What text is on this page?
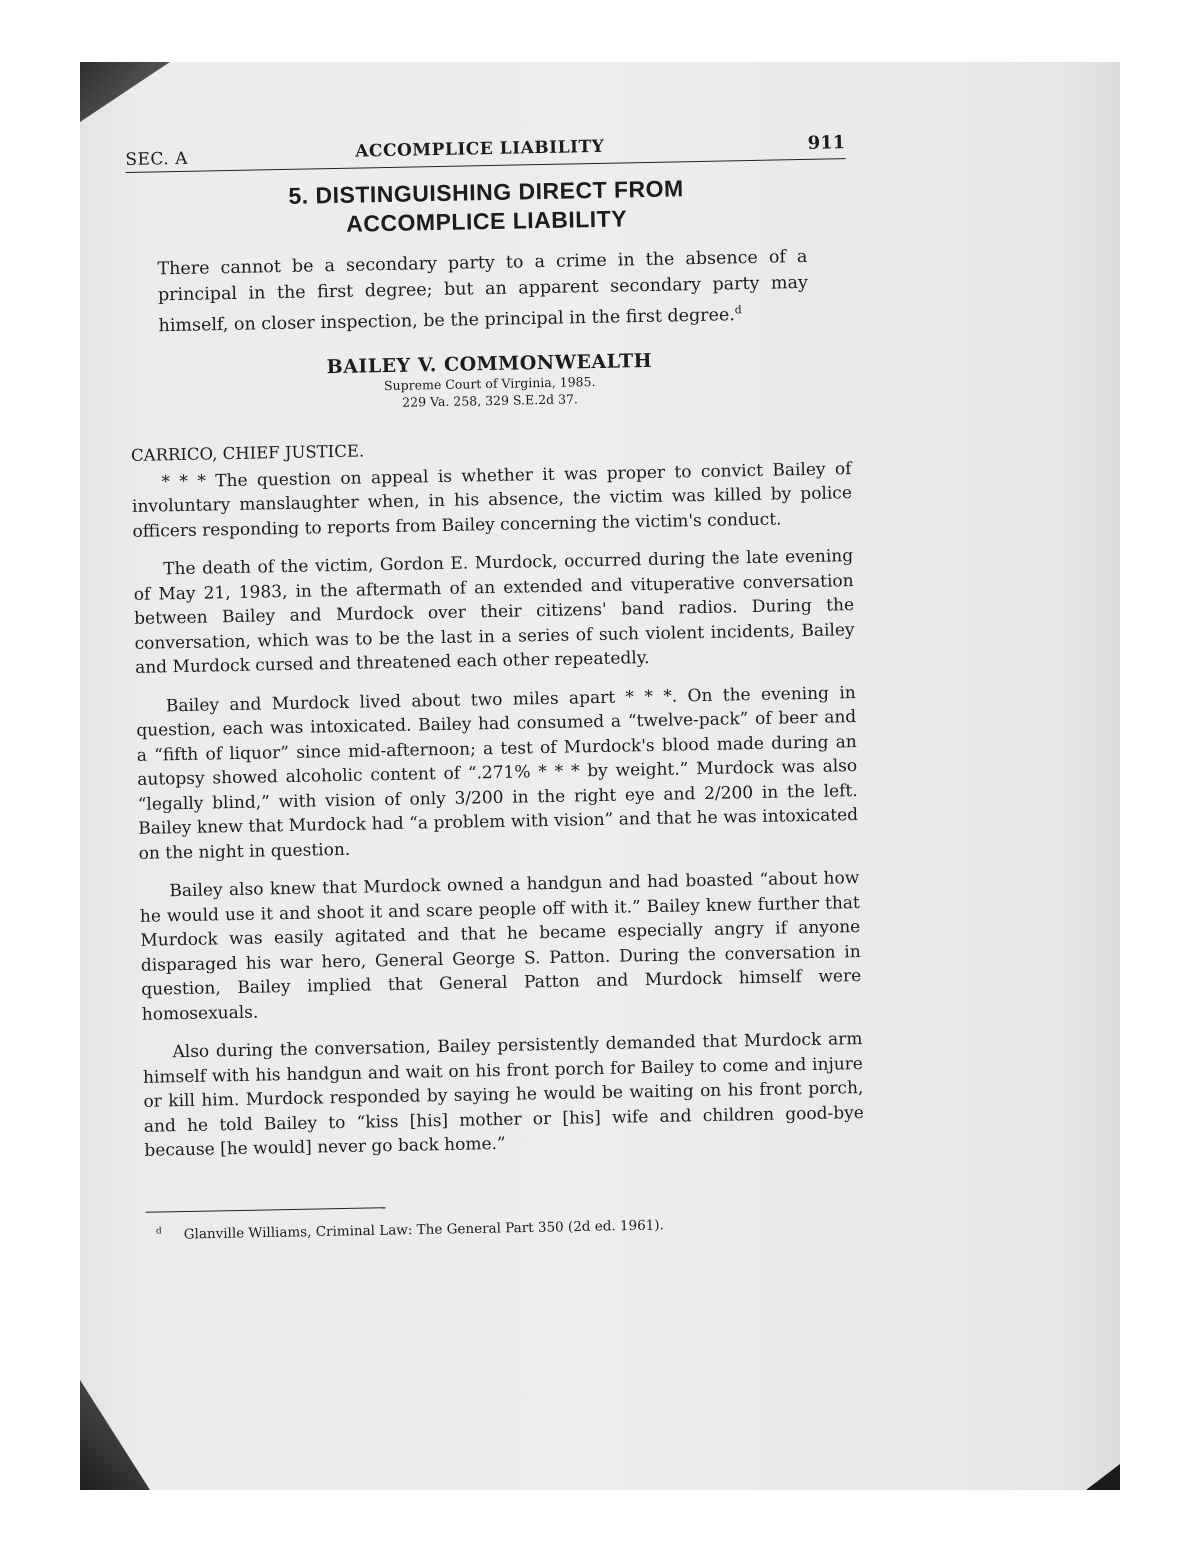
SEC. A	ACCOMPLICE LIABILITY	911
5. DISTINGUISHING DIRECT FROM
ACCOMPLICE LIABILITY

There cannot be a secondary party to a crime in the absence of a principal in the first degree; but an apparent secondary party may himself, on closer inspection, be the principal in the first degree.$^d$

BAILEY V. COMMONWEALTH

Supreme Court of Virginia, 1985.

229 Va. 258, 329 S.E.2d 37.

CARRICO, CHIEF JUSTICE.

* * * The question on appeal is whether it was proper to convict Bailey of involuntary manslaughter when, in his absence, the victim was killed by police officers responding to reports from Bailey concerning the victim's conduct.

The death of the victim, Gordon E. Murdock, occurred during the late evening of May 21, 1983, in the aftermath of an extended and vituperative conversation between Bailey and Murdock over their citizens' band radios. During the conversation, which was to be the last in a series of such violent incidents, Bailey and Murdock cursed and threatened each other repeatedly.

Bailey and Murdock lived about two miles apart * * *. On the evening in question, each was intoxicated. Bailey had consumed a “twelve-pack” of beer and a “fifth of liquor” since mid-afternoon; a test of Murdock's blood made during an autopsy showed alcoholic content of “.271% * * * by weight.” Murdock was also “legally blind,” with vision of only 3/200 in the right eye and 2/200 in the left. Bailey knew that Murdock had “a problem with vision” and that he was intoxicated on the night in question.

Bailey also knew that Murdock owned a handgun and had boasted “about how he would use it and shoot it and scare people off with it.” Bailey knew further that Murdock was easily agitated and that he became especially angry if anyone disparaged his war hero, General George S. Patton. During the conversation in question, Bailey implied that General Patton and Murdock himself were homosexuals.

Also during the conversation, Bailey persistently demanded that Murdock arm himself with his handgun and wait on his front porch for Bailey to come and injure or kill him. Murdock responded by saying he would be waiting on his front porch, and he told Bailey to “kiss [his] mother or [his] wife and children good-bye because [he would] never go back home.”

$^d$ Glanville Williams, Criminal Law: The General Part 350 (2d ed. 1961).
